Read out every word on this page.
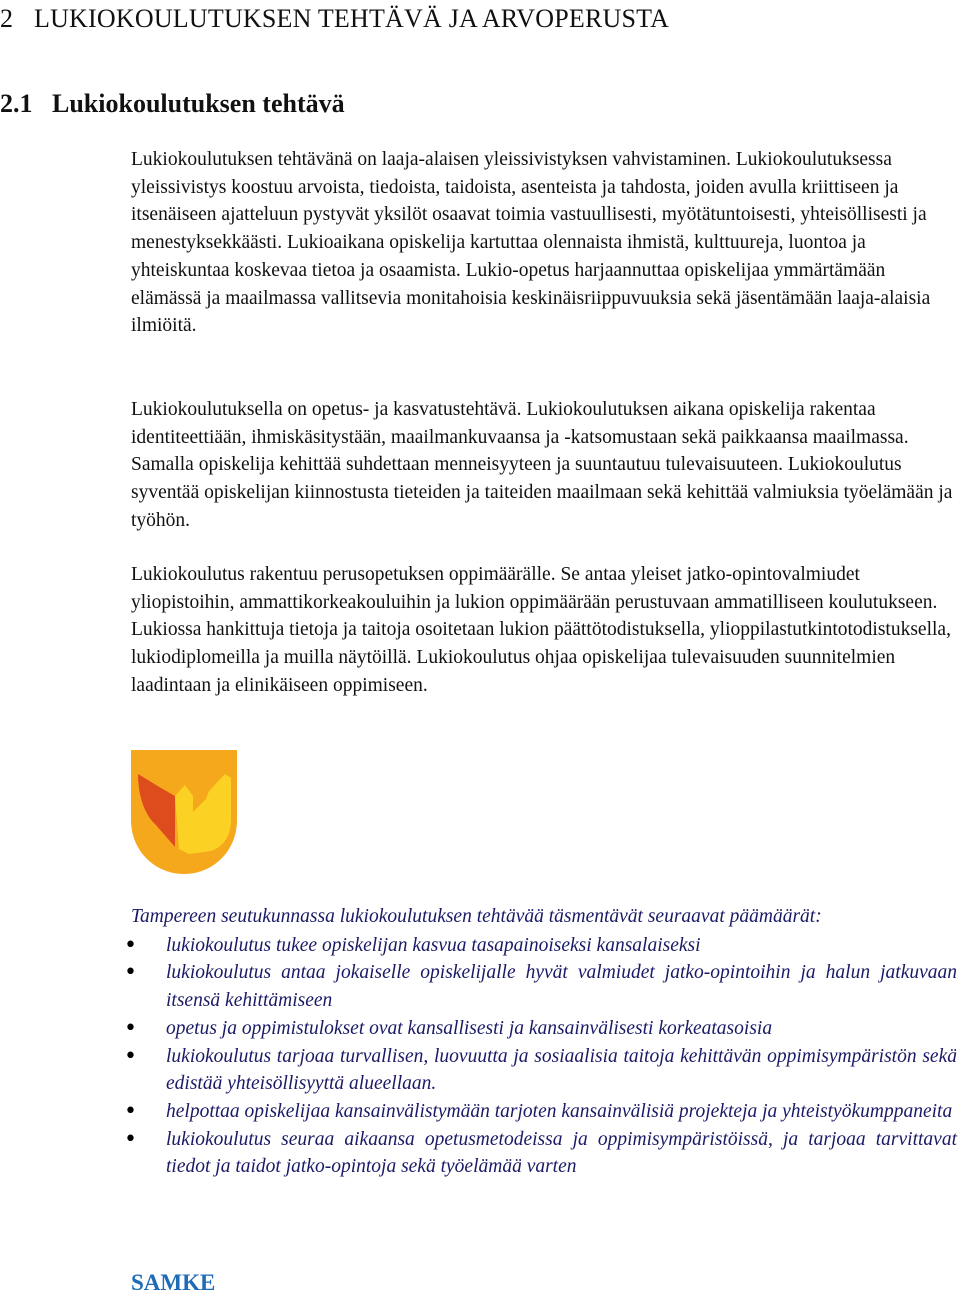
2 LUKIOKOULUTUKSEN TEHTÄVÄ JA ARVOPERUSTA
2.1 Lukiokoulutuksen tehtävä

Lukiokoulutuksen tehtävänä on laaja-alaisen yleissivistyksen vahvistaminen. Lukiokoulutuksessa yleissivistys koostuu arvoista, tiedoista, taidoista, asenteista ja tahdosta, joiden avulla kriittiseen ja itsenäiseen ajatteluun pystyvät yksilöt osaavat toimia vastuullisesti, myötätuntoisesti, yhteisöllisesti ja menestyksekkäästi. Lukioaikana opiskelija kartuttaa olennaista ihmistä, kulttuureja, luontoa ja yhteiskuntaa koskevaa tietoa ja osaamista. Lukio-opetus harjaannuttaa opiskelijaa ymmärtämään elämässä ja maailmassa vallitsevia monitahoisia keskinäisriippuvuuksia sekä jäsentämään laaja-alaisia ilmiöitä.

Lukiokoulutuksella on opetus- ja kasvatustehtävä. Lukiokoulutuksen aikana opiskelija rakentaa identiteettiään, ihmiskäsitystään, maailmankuvaansa ja -katsomustaan sekä paikkaansa maailmassa. Samalla opiskelija kehittää suhdettaan menneisyyteen ja suuntautuu tulevaisuuteen. Lukiokoulutus syventää opiskelijan kiinnostusta tieteiden ja taiteiden maailmaan sekä kehittää valmiuksia työelämään ja työhön.

Lukiokoulutus rakentuu perusopetuksen oppimäärälle. Se antaa yleiset jatko-opintovalmiudet yliopistoihin, ammattikorkeakouluihin ja lukion oppimäärään perustuvaan ammatilliseen koulutukseen. Lukiossa hankittuja tietoja ja taitoja osoitetaan lukion päättötodistuksella, ylioppilastutkintotodistuksella, lukiodiplomeilla ja muilla näytöillä. Lukiokoulutus ohjaa opiskelijaa tulevaisuuden suunnitelmien laadintaan ja elinikäiseen oppimiseen.

Tampereen seutukunnassa lukiokoulutuksen tehtävää täsmentävät seuraavat päämäärät:

• lukiokoulutus tukee opiskelijan kasvua tasapainoiseksi kansalaiseksi
• lukiokoulutus antaa jokaiselle opiskelijalle hyvät valmiudet jatko-opintoihin ja halun jatkuvaan itsensä kehittämiseen
• opetus ja oppimistulokset ovat kansallisesti ja kansainvälisesti korkeatasoisia
• lukiokoulutus tarjoaa turvallisen, luovuutta ja sosiaalisia taitoja kehittävän oppimisympäristön sekä edistää yhteisöllisyyttä alueellaan.
• helpottaa opiskelijaa kansainvälistymään tarjoten kansainvälisiä projekteja ja yhteistyökumppaneita
• lukiokoulutus seuraa aikaansa opetusmetodeissa ja oppimisympäristöissä, ja tarjoaa tarvittavat tiedot ja taidot jatko-opintoja sekä työelämää varten

SAMKE
